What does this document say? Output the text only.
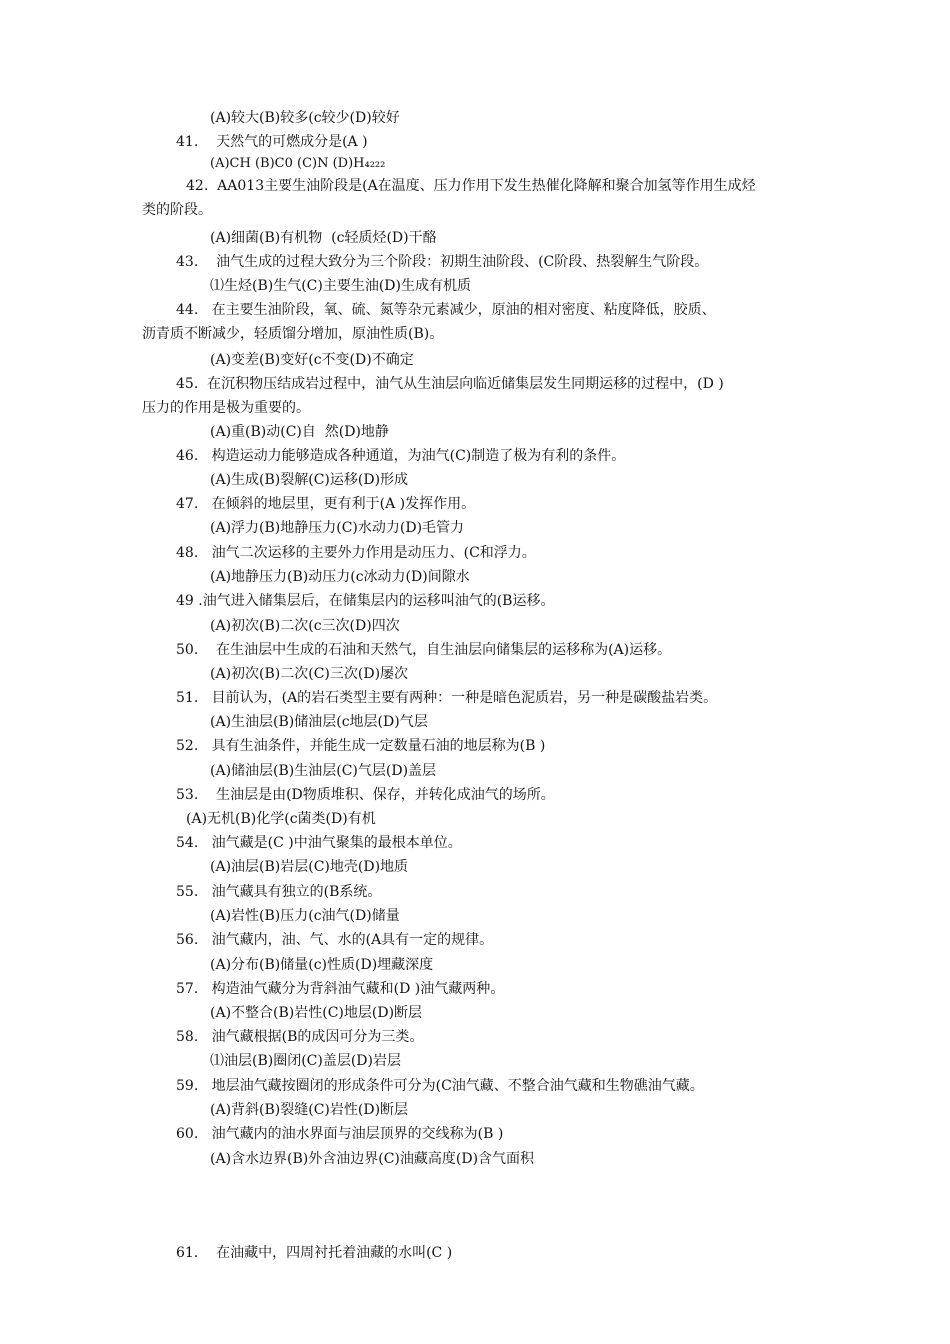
(A)较大(B)较多(c较少(D)较好
41.    天然气的可燃成分是(A )
(A)CH (B)C0 (C)N (D)H₄₂₂₂
42.  AA013主要生油阶段是(A在温度、压力作用下发生热催化降解和聚合加氢等作用生成烃
类的阶段。
(A)细菌(B)有机物  (c轻质烃(D)干酪
43.    油气生成的过程大致分为三个阶段：初期生油阶段、(C阶段、热裂解生气阶段。
⑴生烃(B)生气(C)主要生油(D)生成有机质
44.   在主要生油阶段，氧、硫、氮等杂元素减少，原油的相对密度、粘度降低，胶质、
沥青质不断减少，轻质馏分增加，原油性质(B)。
(A)变差(B)变好(c不变(D)不确定
45.  在沉积物压结成岩过程中，油气从生油层向临近储集层发生同期运移的过程中，(D )
压力的作用是极为重要的。
(A)重(B)动(C)自  然(D)地静
46.   构造运动力能够造成各种通道，为油气(C)制造了极为有利的条件。
(A)生成(B)裂解(C)运移(D)形成
47.   在倾斜的地层里，更有利于(A )发挥作用。
(A)浮力(B)地静压力(C)水动力(D)毛管力
48.   油气二次运移的主要外力作用是动压力、(C和浮力。
(A)地静压力(B)动压力(c冰动力(D)间隙水
49 .油气进入储集层后，在储集层内的运移叫油气的(B运移。
(A)初次(B)二次(c三次(D)四次
50.    在生油层中生成的石油和天然气，自生油层向储集层的运移称为(A)运移。
(A)初次(B)二次(C)三次(D)屡次
51.   目前认为，(A的岩石类型主要有两种：一种是暗色泥质岩，另一种是碳酸盐岩类。
(A)生油层(B)储油层(c地层(D)气层
52.   具有生油条件，并能生成一定数量石油的地层称为(B )
(A)储油层(B)生油层(C)气层(D)盖层
53.    生油层是由(D物质堆积、保存，并转化成油气的场所。
(A)无机(B)化学(c菌类(D)有机
54.   油气藏是(C )中油气聚集的最根本单位。
(A)油层(B)岩层(C)地壳(D)地质
55.   油气藏具有独立的(B系统。
(A)岩性(B)压力(c油气(D)储量
56.   油气藏内，油、气、水的(A具有一定的规律。
(A)分布(B)储量(c)性质(D)埋藏深度
57.   构造油气藏分为背斜油气藏和(D )油气藏两种。
(A)不整合(B)岩性(C)地层(D)断层
58.   油气藏根据(B的成因可分为三类。
⑴油层(B)圈闭(C)盖层(D)岩层
59.   地层油气藏按圈闭的形成条件可分为(C油气藏、不整合油气藏和生物礁油气藏。
(A)背斜(B)裂缝(C)岩性(D)断层
60.   油气藏内的油水界面与油层顶界的交线称为(B )
(A)含水边界(B)外含油边界(C)油藏高度(D)含气面积
61.    在油藏中，四周衬托着油藏的水叫(C )
